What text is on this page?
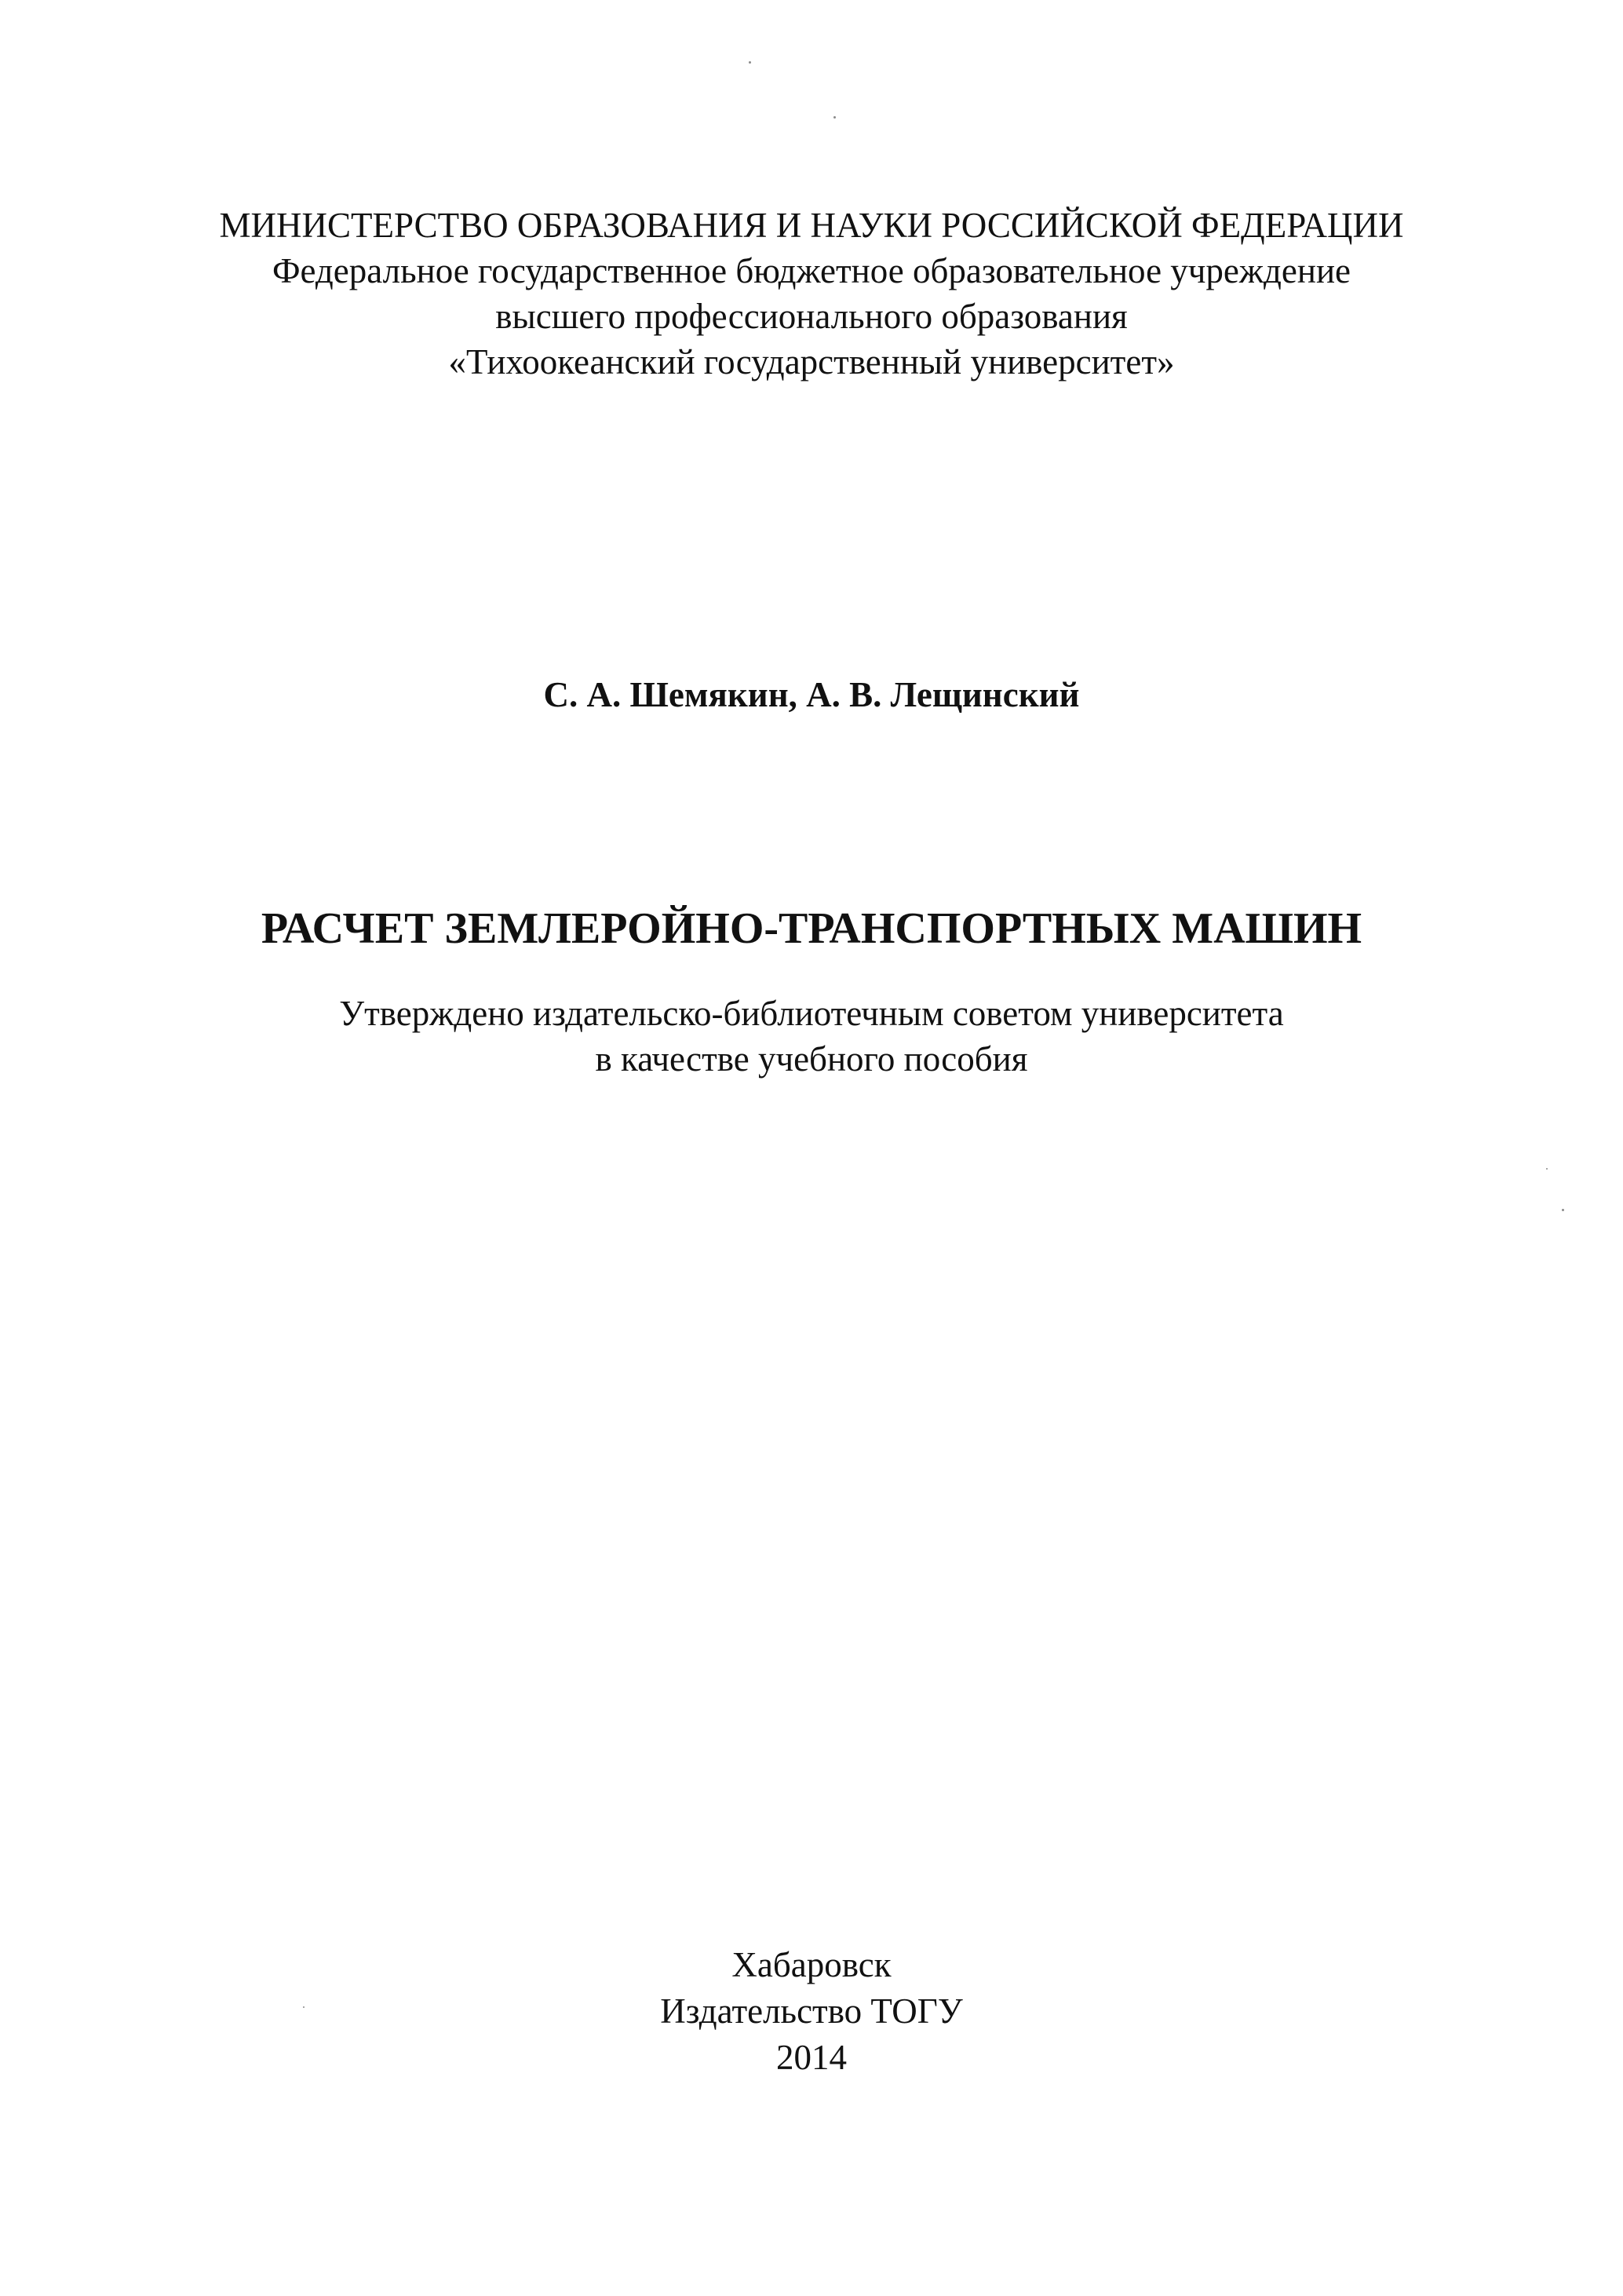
МИНИСТЕРСТВО ОБРАЗОВАНИЯ И НАУКИ РОССИЙСКОЙ ФЕДЕРАЦИИ
Федеральное государственное бюджетное образовательное учреждение
высшего профессионального образования
«Тихоокеанский государственный университет»
С. А. Шемякин, А. В. Лещинский
РАСЧЕТ ЗЕМЛЕРОЙНО-ТРАНСПОРТНЫХ МАШИН
Утверждено издательско-библиотечным советом университета
в качестве учебного пособия
Хабаровск
Издательство ТОГУ
2014
